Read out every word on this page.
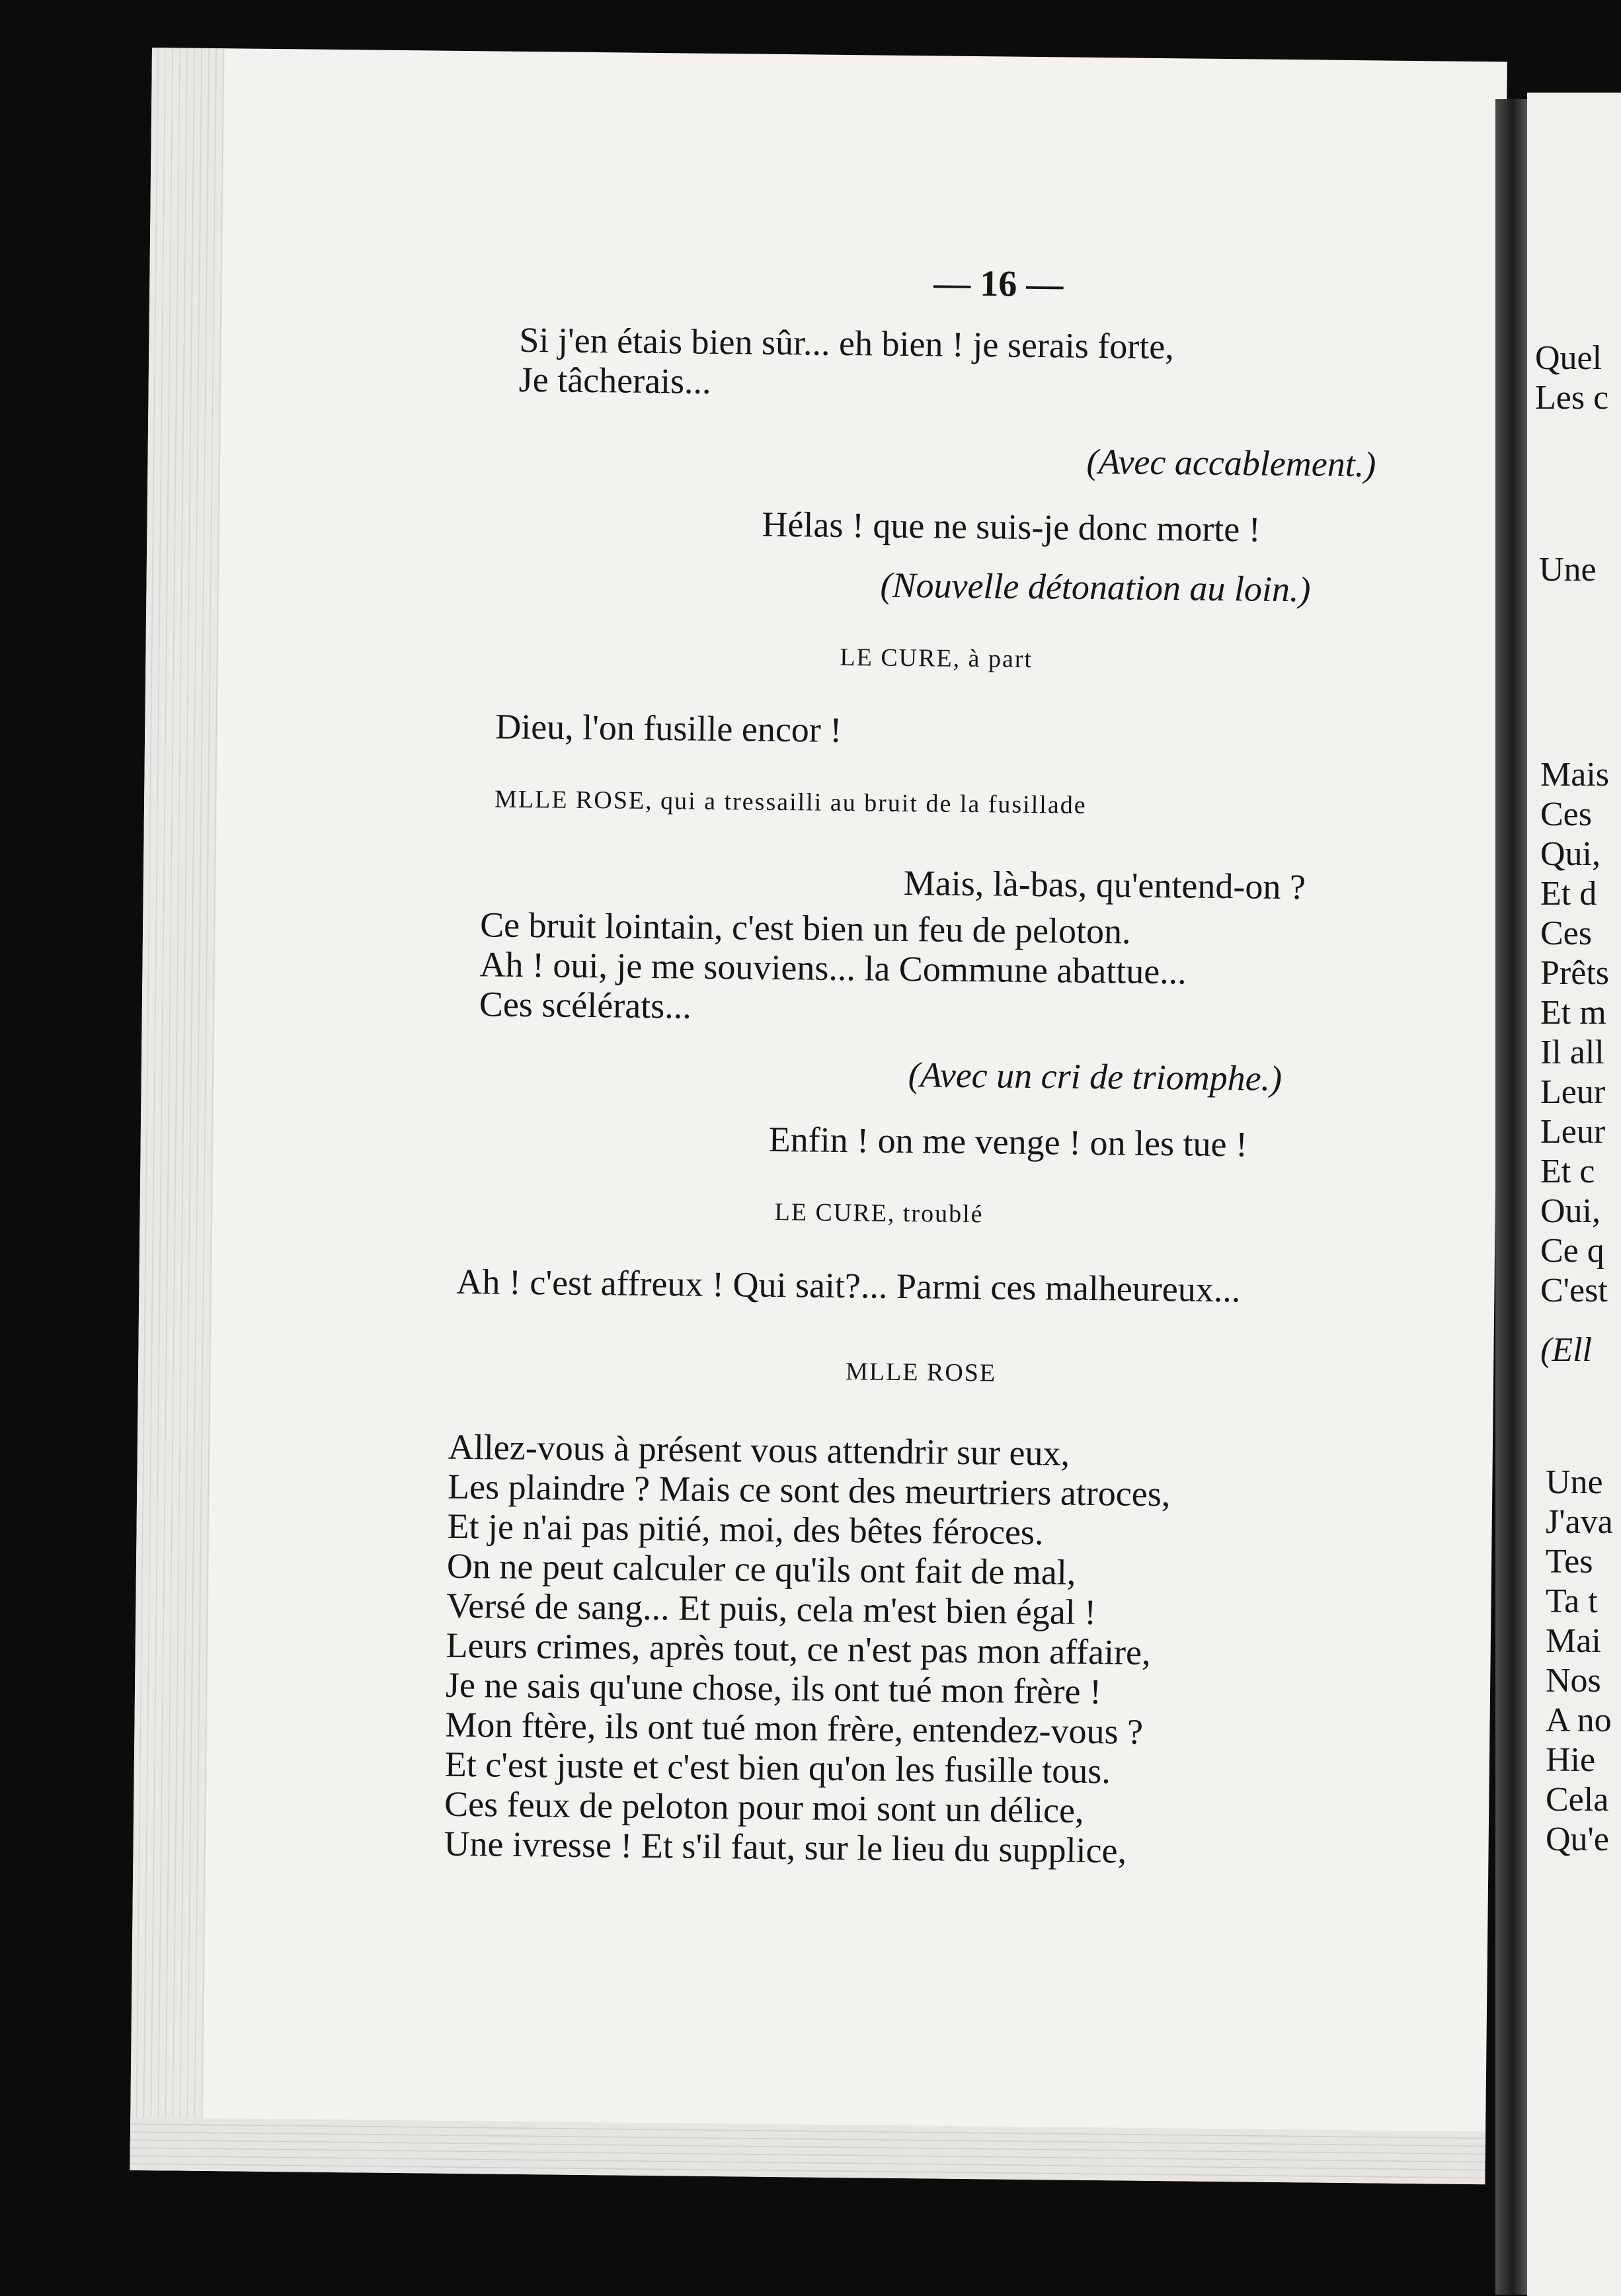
— 16 —
Si j'en étais bien sûr... eh bien ! je serais forte,
Je tâcherais...
(Avec accablement.)
Hélas ! que ne suis-je donc morte !
(Nouvelle détonation au loin.)
LE CURE, à part
Dieu, l'on fusille encor !
MLLE ROSE, qui a tressailli au bruit de la fusillade
Mais, là-bas, qu'entend-on ?
Ce bruit lointain, c'est bien un feu de peloton.
Ah ! oui, je me souviens... la Commune abattue...
Ces scélérats...
(Avec un cri de triomphe.)
Enfin ! on me venge ! on les tue !
LE CURE, troublé
Ah ! c'est affreux ! Qui sait?... Parmi ces malheureux...
MLLE ROSE
Allez-vous à présent vous attendrir sur eux,
Les plaindre ? Mais ce sont des meurtriers atroces,
Et je n'ai pas pitié, moi, des bêtes féroces.
On ne peut calculer ce qu'ils ont fait de mal,
Versé de sang... Et puis, cela m'est bien égal !
Leurs crimes, après tout, ce n'est pas mon affaire,
Je ne sais qu'une chose, ils ont tué mon frère !
Mon ftère, ils ont tué mon frère, entendez-vous ?
Et c'est juste et c'est bien qu'on les fusille tous.
Ces feux de peloton pour moi sont un délice,
Une ivresse ! Et s'il faut, sur le lieu du supplice,
Quel
Les c
Une
Mais
Ces
Qui,
Et d
Ces
Prêts
Et m
Il all
Leur
Leur
Et c
Oui,
Ce q
C'est
(Ell
Une
J'ava
Tes
Ta t
Mai
Nos
A no
Hie
Cela
Qu'e
